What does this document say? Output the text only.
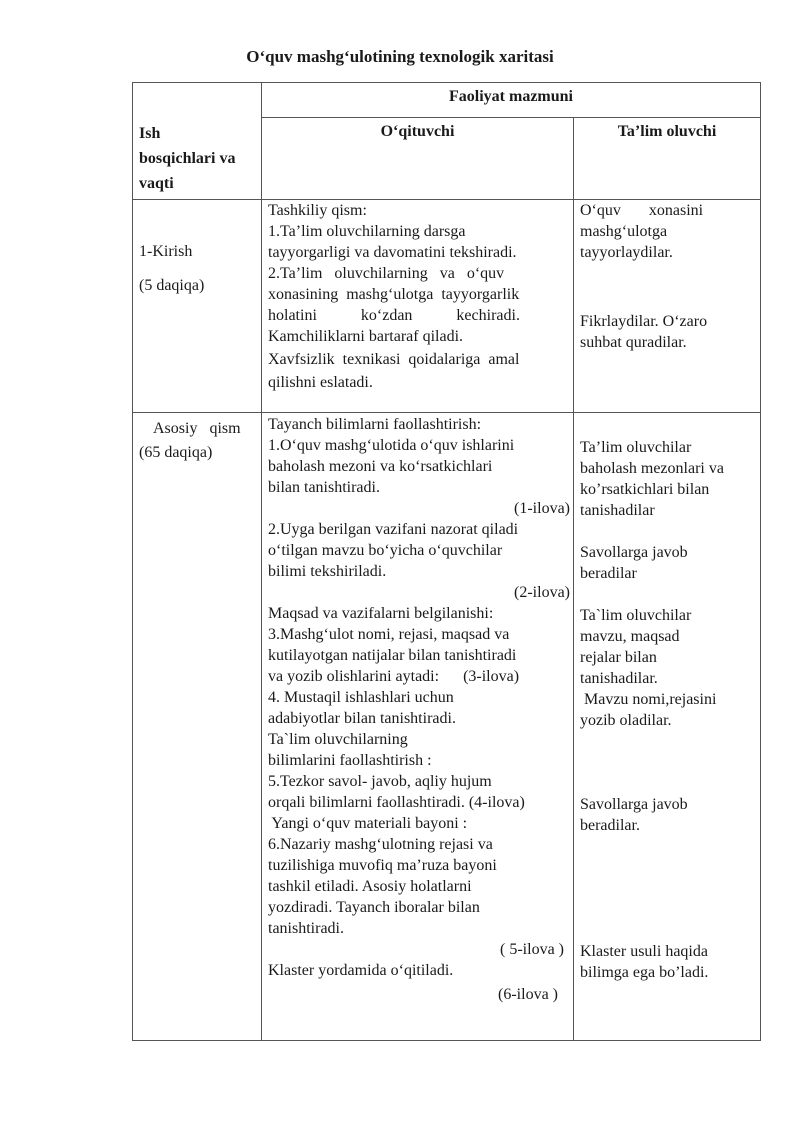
O‘quv mashg‘ulotining texnologik xaritasi
Faoliyat mazmuni
Ish
bosqichlari va
vaqti
O‘qituvchi	Ta’lim oluvchi
1-Kirish
(5 daqiqa)
Tashkiliy qism:
1.Ta’lim oluvchilarning darsga
tayyorgarligi va davomatini tekshiradi.
2.Ta’lim   oluvchilarning   va   o‘quv
xonasining  mashg‘ulotga  tayyorgarlik
holatini           ko‘zdan           kechiradi.
Kamchiliklarni bartaraf qiladi.
Xavfsizlik  texnikasi  qoidalariga  amal
qilishni eslatadi.
O‘quv       xonasini
mashg‘ulotga
tayyorlaydilar.
Fikrlaydilar. O‘zaro
suhbat quradilar.
Asosiy   qism
(65 daqiqa)
Tayanch bilimlarni faollashtirish:
1.O‘quv mashg‘ulotida o‘quv ishlarini
baholash mezoni va ko‘rsatkichlari
bilan tanishtiradi.
(1-ilova)
2.Uyga berilgan vazifani nazorat qiladi
o‘tilgan mavzu bo‘yicha o‘quvchilar
bilimi tekshiriladi.
(2-ilova)
Maqsad va vazifalarni belgilanishi:
3.Mashg‘ulot nomi, rejasi, maqsad va
kutilayotgan natijalar bilan tanishtiradi
va yozib olishlarini aytadi:      (3-ilova)
4. Mustaqil ishlashlari uchun
adabiyotlar bilan tanishtiradi.
Ta`lim oluvchilarning
bilimlarini faollashtirish :
5.Tezkor savol- javob, aqliy hujum
orqali bilimlarni faollashtiradi. (4-ilova)
Yangi o‘quv materiali bayoni :
6.Nazariy mashg‘ulotning rejasi va
tuzilishiga muvofiq ma’ruza bayoni
tashkil etiladi. Asosiy holatlarni
yozdiradi. Tayanch iboralar bilan
tanishtiradi.
( 5-ilova )
Klaster yordamida o‘qitiladi.
(6-ilova )
Ta’lim oluvchilar
baholash mezonlari va
ko’rsatkichlari bilan
tanishadilar
Savollarga javob
beradilar
Ta`lim oluvchilar
mavzu, maqsad
rejalar bilan
tanishadilar.
Mavzu nomi,rejasini
yozib oladilar.
Savollarga javob
beradilar.
Klaster usuli haqida
bilimga ega bo’ladi.
